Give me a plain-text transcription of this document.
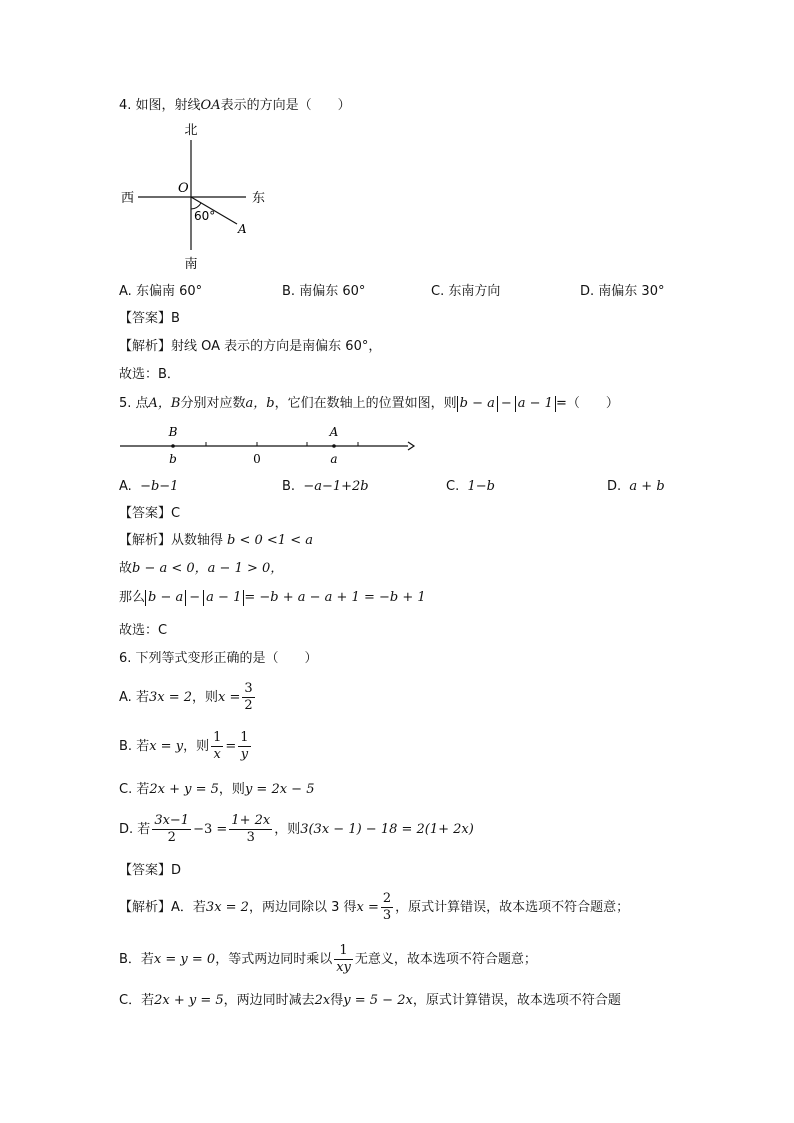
4. 如图，射线OA表示的方向是（　　）
北
南
西	东
O
A
60°
A. 东偏南 60°	B. 南偏东 60°	C. 东南方向	D. 南偏东 30°
【答案】B
【解析】射线 OA 表示的方向是南偏东 60°，
故选：B．
5. 点A，B分别对应数a，b，它们在数轴上的位置如图，则 b − a − a − 1 =（　　）
B
b	0
A
a
A. −b−1	B. −a−1+2b	C. 1−b	D. a + b
【答案】C
【解析】从数轴得 b < 0 <1 < a
故b − a < 0，a − 1 > 0，
那么 b − a − a − 1 = −b + a − a + 1 = −b + 1
故选：C
6. 下列等式变形正确的是（　　）
A. 若3x = 2，则$x = \frac{3}{2}$
B. 若x = y，则 $\frac{1}{x} = \frac{1}{y}$
C. 若2x + y = 5，则y = 2x − 5
D. 若 $\frac{3x-1}{2} -3 = \frac{1+ 2x}{3}$ ，则3(3x − 1) − 18 = 2(1+ 2x)
【答案】D
【解析】A．若3x = 2，两边同除以 3 得$x = \frac{2}{3}$ ，原式计算错误，故本选项不符合题意；
B．若x = y = 0，等式两边同时乘以 $\frac{1}{xy}$ 无意义，故本选项不符合题意；
C．若2x + y = 5，两边同时减去2x得y = 5 − 2x，原式计算错误，故本选项不符合题
